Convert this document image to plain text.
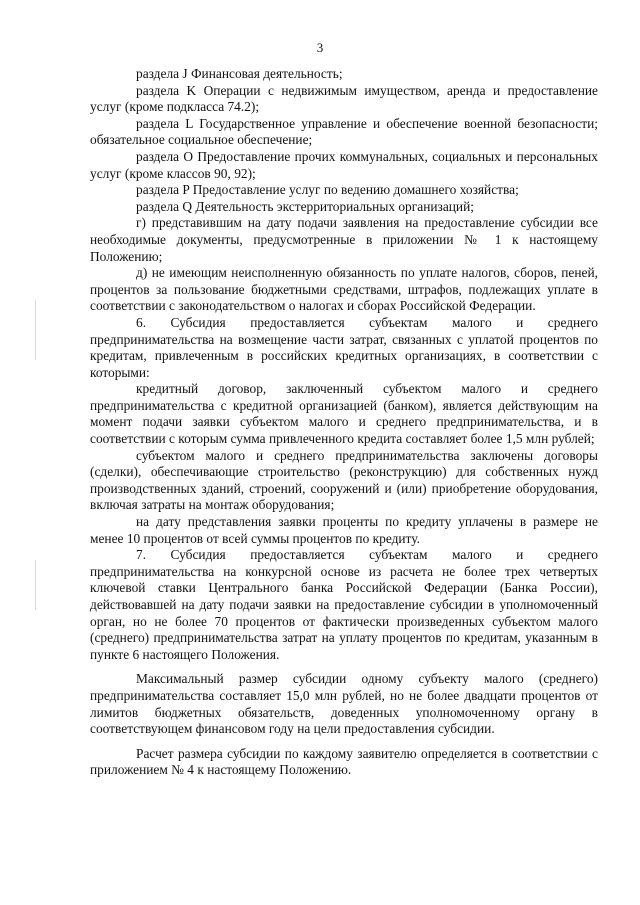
3

раздела J Финансовая деятельность;

раздела K Операции с недвижимым имуществом, аренда и предоставление услуг (кроме подкласса 74.2);

раздела L Государственное управление и обеспечение военной безопасности; обязательное социальное обеспечение;

раздела O Предоставление прочих коммунальных, социальных и персональных услуг (кроме классов 90, 92);

раздела P Предоставление услуг по ведению домашнего хозяйства;

раздела Q Деятельность экстерриториальных организаций;

г) представившим на дату подачи заявления на предоставление субсидии все необходимые документы, предусмотренные в приложении № 1 к настоящему Положению;

д) не имеющим неисполненную обязанность по уплате налогов, сборов, пеней, процентов за пользование бюджетными средствами, штрафов, подлежащих уплате в соответствии с законодательством о налогах и сборах Российской Федерации.

6. Субсидия предоставляется субъектам малого и среднего предпринимательства на возмещение части затрат, связанных с уплатой процентов по кредитам, привлеченным в российских кредитных организациях, в соответствии с которыми:

кредитный договор, заключенный субъектом малого и среднего предпринимательства с кредитной организацией (банком), является действующим на момент подачи заявки субъектом малого и среднего предпринимательства, и в соответствии с которым сумма привлеченного кредита составляет более 1,5 млн рублей;

субъектом малого и среднего предпринимательства заключены договоры (сделки), обеспечивающие строительство (реконструкцию) для собственных нужд производственных зданий, строений, сооружений и (или) приобретение оборудования, включая затраты на монтаж оборудования;

на дату представления заявки проценты по кредиту уплачены в размере не менее 10 процентов от всей суммы процентов по кредиту.

7. Субсидия предоставляется субъектам малого и среднего предпринимательства на конкурсной основе из расчета не более трех четвертых ключевой ставки Центрального банка Российской Федерации (Банка России), действовавшей на дату подачи заявки на предоставление субсидии в уполномоченный орган, но не более 70 процентов от фактически произведенных субъектом малого (среднего) предпринимательства затрат на уплату процентов по кредитам, указанным в пункте 6 настоящего Положения.

Максимальный размер субсидии одному субъекту малого (среднего) предпринимательства составляет 15,0 млн рублей, но не более двадцати процентов от лимитов бюджетных обязательств, доведенных уполномоченному органу в соответствующем финансовом году на цели предоставления субсидии.

Расчет размера субсидии по каждому заявителю определяется в соответствии с приложением № 4 к настоящему Положению.
